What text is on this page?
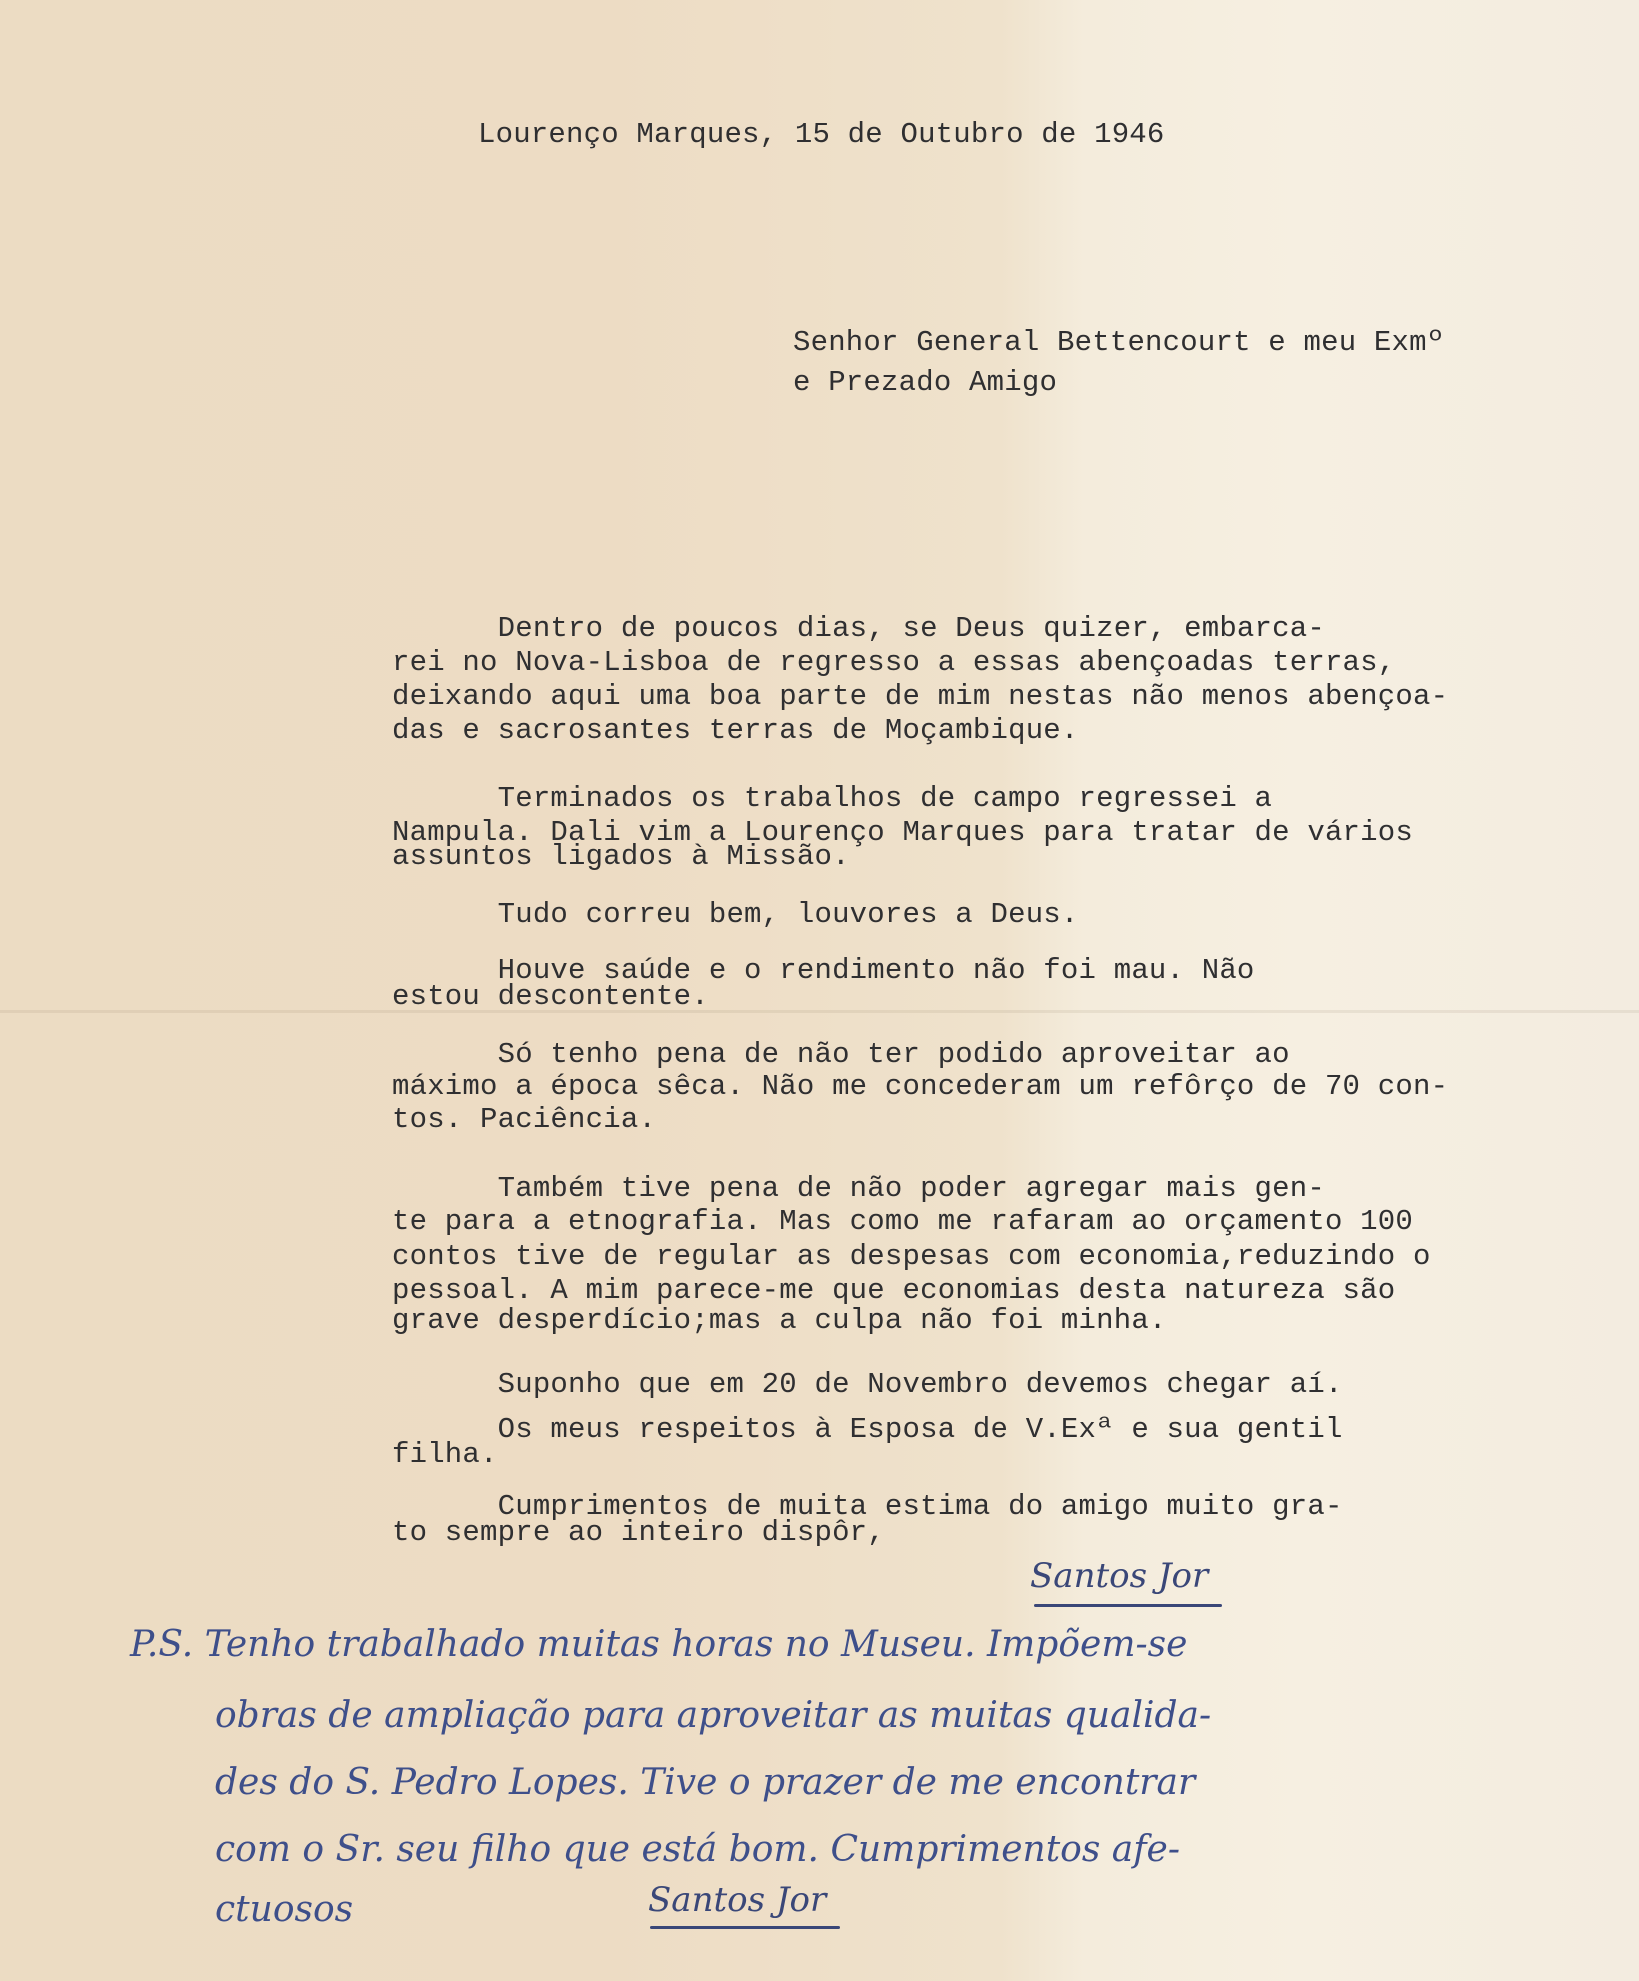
Lourenço Marques, 15 de Outubro de 1946
Senhor General Bettencourt e meu Exmº
e Prezado Amigo
Dentro de poucos dias, se Deus quizer, embarca-
rei no Nova-Lisboa de regresso a essas abençoadas terras,
deixando aqui uma boa parte de mim nestas não menos abençoa-
das e sacrosantes terras de Moçambique.
Terminados os trabalhos de campo regressei a
Nampula. Dali vim a Lourenço Marques para tratar de vários
assuntos ligados à Missão.
Tudo correu bem, louvores a Deus.
Houve saúde e o rendimento não foi mau. Não
estou descontente.
Só tenho pena de não ter podido aproveitar ao
máximo a época sêca. Não me concederam um refôrço de 70 con-
tos. Paciência.
Também tive pena de não poder agregar mais gen-
te para a etnografia. Mas como me rafaram ao orçamento 100
contos tive de regular as despesas com economia,reduzindo o
pessoal. A mim parece-me que economias desta natureza são
grave desperdício;mas a culpa não foi minha.
Suponho que em 20 de Novembro devemos chegar aí.
Os meus respeitos à Esposa de V.Exª e sua gentil
filha.
Cumprimentos de muita estima do amigo muito gra-
to sempre ao inteiro dispôr,
Santos Jor
P.S. Tenho trabalhado muitas horas no Museu. Impõem-se
obras de ampliação para aproveitar as muitas qualida-
des do S. Pedro Lopes. Tive o prazer de me encontrar
com o Sr. seu filho que está bom. Cumprimentos afe-
ctuosos	Santos Jor
